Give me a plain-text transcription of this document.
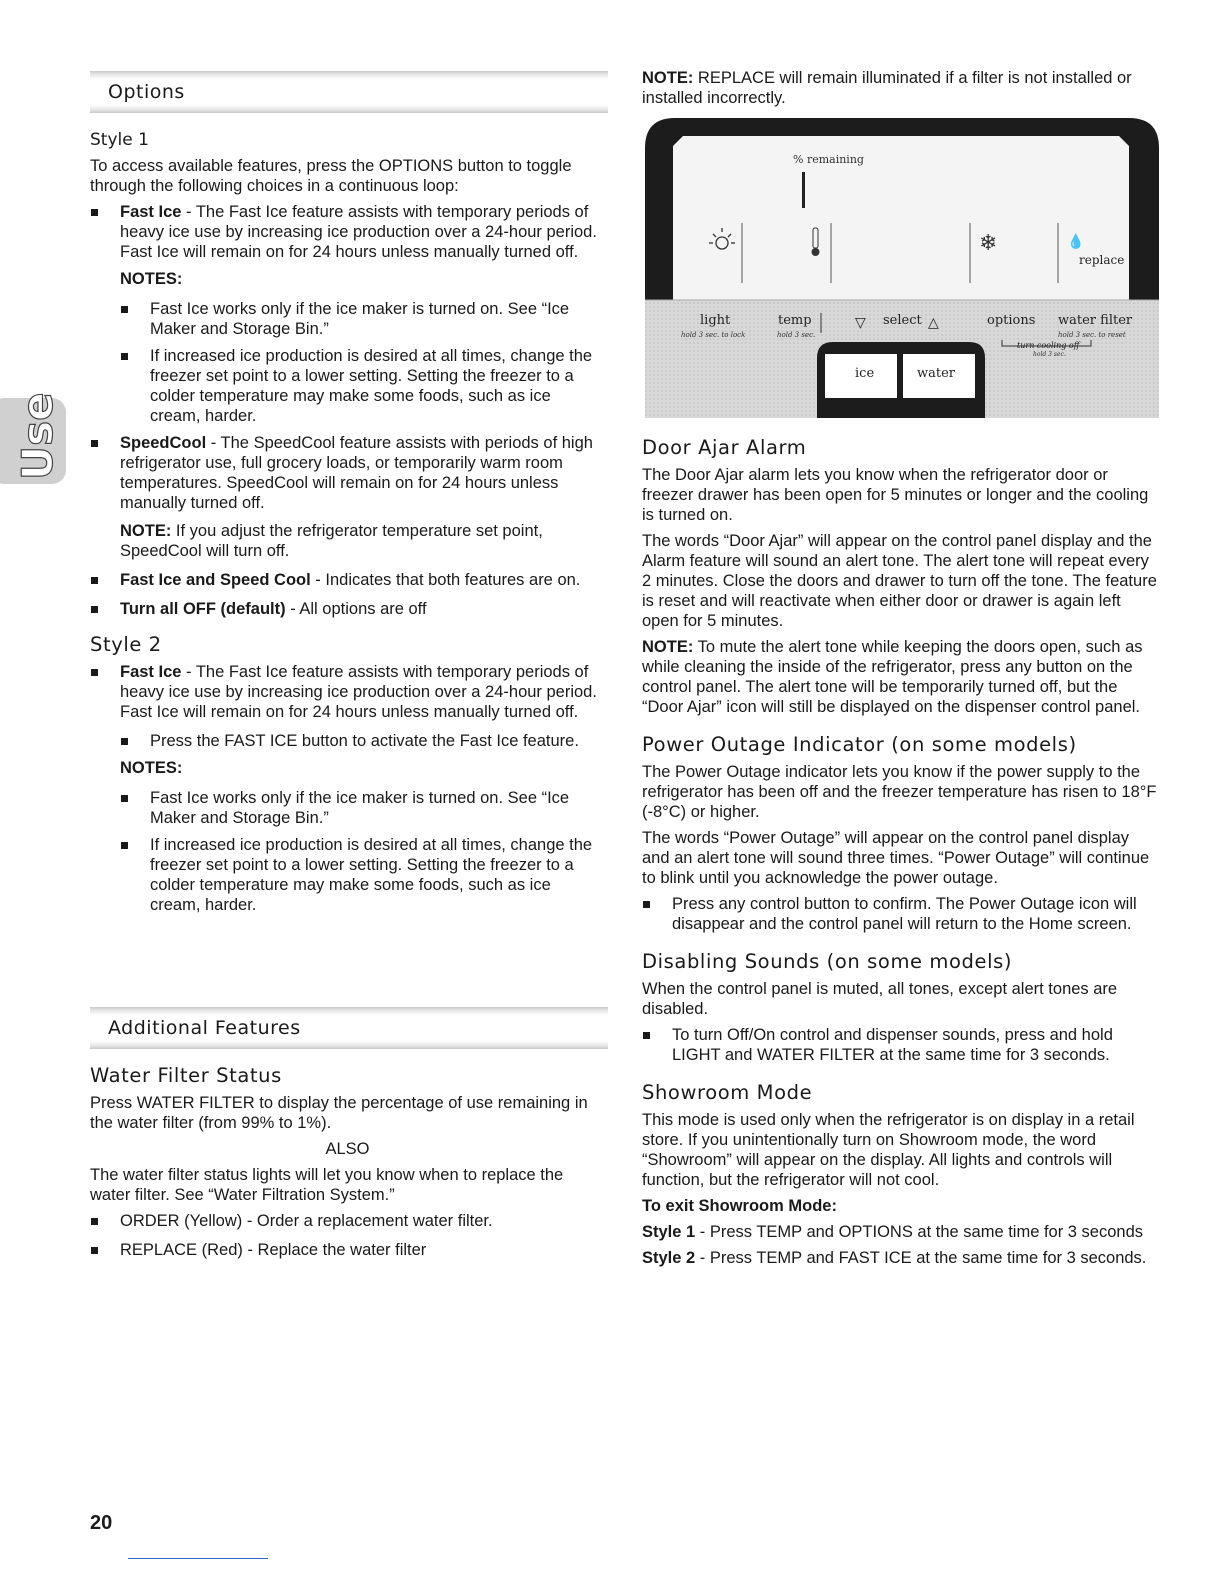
Use
Options
Style 1

To access available features, press the OPTIONS button to toggle through the following choices in a continuous loop:

Fast Ice - The Fast Ice feature assists with temporary periods of heavy ice use by increasing ice production over a 24-hour period. Fast Ice will remain on for 24 hours unless manually turned off.
NOTES:
Fast Ice works only if the ice maker is turned on. See “Ice Maker and Storage Bin.”
If increased ice production is desired at all times, change the freezer set point to a lower setting. Setting the freezer to a colder temperature may make some foods, such as ice cream, harder.
SpeedCool - The SpeedCool feature assists with periods of high refrigerator use, full grocery loads, or temporarily warm room temperatures. SpeedCool will remain on for 24 hours unless manually turned off.

NOTE: If you adjust the refrigerator temperature set point, SpeedCool will turn off.

Fast Ice and Speed Cool - Indicates that both features are on.
Turn all OFF (default) - All options are off
Style 2
Fast Ice - The Fast Ice feature assists with temporary periods of heavy ice use by increasing ice production over a 24-hour period. Fast Ice will remain on for 24 hours unless manually turned off.
Press the FAST ICE button to activate the Fast Ice feature.
NOTES:
Fast Ice works only if the ice maker is turned on. See “Ice Maker and Storage Bin.”
If increased ice production is desired at all times, change the freezer set point to a lower setting. Setting the freezer to a colder temperature may make some foods, such as ice cream, harder.
Additional Features
Water Filter Status

Press WATER FILTER to display the percentage of use remaining in the water filter (from 99% to 1%).

ALSO

The water filter status lights will let you know when to replace the water filter. See “Water Filtration System.”

ORDER (Yellow) - Order a replacement water filter.
REPLACE (Red) - Replace the water filter

NOTE: REPLACE will remain illuminated if a filter is not installed or installed incorrectly.

% remaining
❄	💧
replace
light
hold 3 sec. to lock
temp
hold 3 sec.
▽ select △	options water filter
hold 3 sec. to reset
turn cooling off
hold 3 sec.
ice	water
Door Ajar Alarm

The Door Ajar alarm lets you know when the refrigerator door or freezer drawer has been open for 5 minutes or longer and the cooling is turned on.

The words “Door Ajar” will appear on the control panel display and the Alarm feature will sound an alert tone. The alert tone will repeat every 2 minutes. Close the doors and drawer to turn off the tone. The feature is reset and will reactivate when either door or drawer is again left open for 5 minutes.

NOTE: To mute the alert tone while keeping the doors open, such as while cleaning the inside of the refrigerator, press any button on the control panel. The alert tone will be temporarily turned off, but the “Door Ajar” icon will still be displayed on the dispenser control panel.

Power Outage Indicator (on some models)

The Power Outage indicator lets you know if the power supply to the refrigerator has been off and the freezer temperature has risen to 18°F (-8°C) or higher.

The words “Power Outage” will appear on the control panel display and an alert tone will sound three times. “Power Outage” will continue to blink until you acknowledge the power outage.

Press any control button to confirm. The Power Outage icon will disappear and the control panel will return to the Home screen.
Disabling Sounds (on some models)

When the control panel is muted, all tones, except alert tones are disabled.

To turn Off/On control and dispenser sounds, press and hold LIGHT and WATER FILTER at the same time for 3 seconds.
Showroom Mode

This mode is used only when the refrigerator is on display in a retail store. If you unintentionally turn on Showroom mode, the word “Showroom” will appear on the display. All lights and controls will function, but the refrigerator will not cool.

To exit Showroom Mode:

Style 1 - Press TEMP and OPTIONS at the same time for 3 seconds

Style 2 - Press TEMP and FAST ICE at the same time for 3 seconds.

20
